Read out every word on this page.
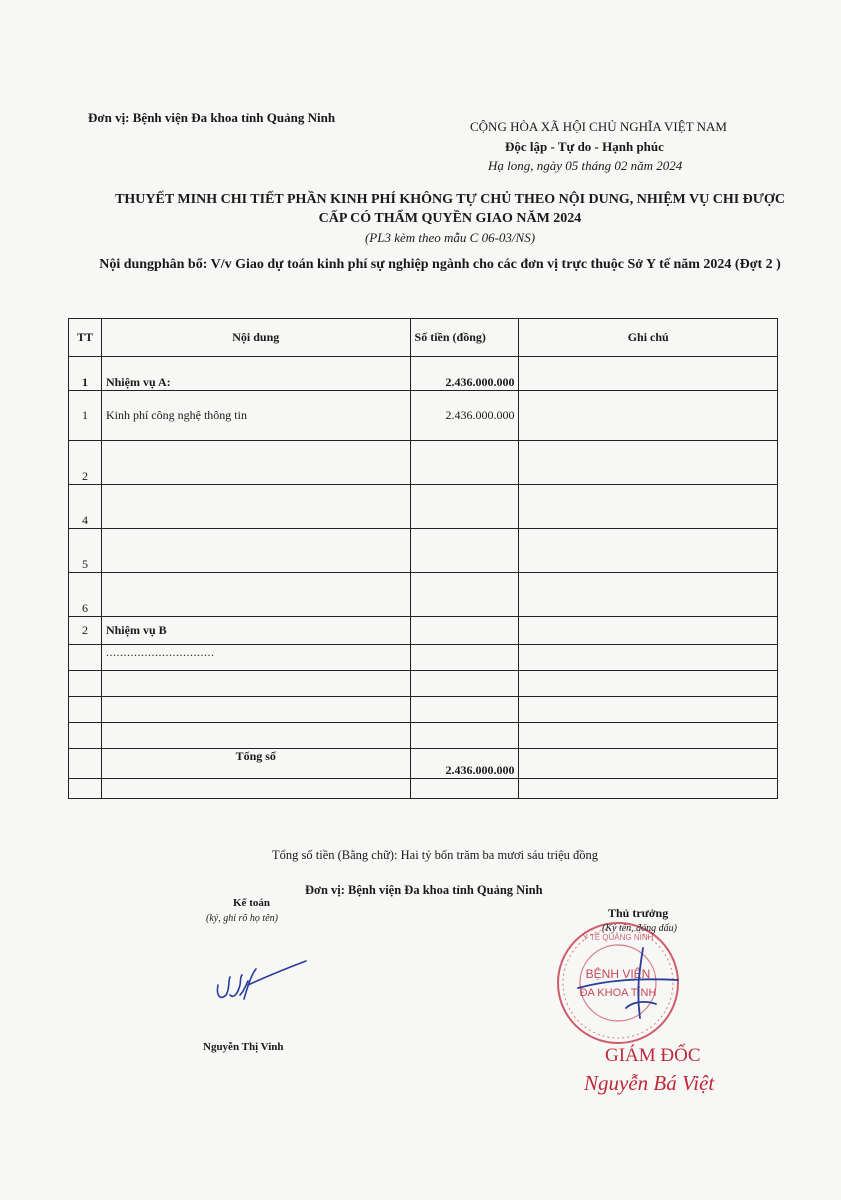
Đơn vị: Bệnh viện Đa khoa tỉnh Quảng Ninh
CỘNG HÒA XÃ HỘI CHỦ NGHĨA VIỆT NAM
Độc lập - Tự do - Hạnh phúc
Hạ long, ngày 05 tháng 02 năm 2024
THUYẾT MINH CHI TIẾT PHẦN KINH PHÍ KHÔNG TỰ CHỦ THEO NỘI DUNG, NHIỆM VỤ CHI ĐƯỢC CẤP CÓ THẨM QUYỀN GIAO NĂM 2024
(PL3 kèm theo mẫu C 06-03/NS)
Nội dungphân bổ: V/v Giao dự toán kinh phí sự nghiệp ngành cho các đơn vị trực thuộc Sở Y tế năm 2024 (Đợt 2 )
TT	Nội dung	Số tiền (đồng)	Ghi chú
1	Nhiệm vụ A:	2.436.000.000	
1	Kinh phí công nghệ thông tin	2.436.000.000	
2			
4			
5			
6			
2	Nhiệm vụ B		
	...............................		

	Tổng số	2.436.000.000	

Tổng số tiền (Bằng chữ): Hai tỷ bốn trăm ba mươi sáu triệu đồng
Đơn vị: Bệnh viện Đa khoa tỉnh Quảng Ninh
Kế toán
(ký, ghi rõ họ tên)
Nguyễn Thị Vinh
Thủ trưởng
BỆNH VIỆN
ĐA KHOA TỈNH
Y TẾ QUẢNG NINH
(Ký tên, đóng dấu)
GIÁM ĐỐC
Nguyễn Bá Việt
